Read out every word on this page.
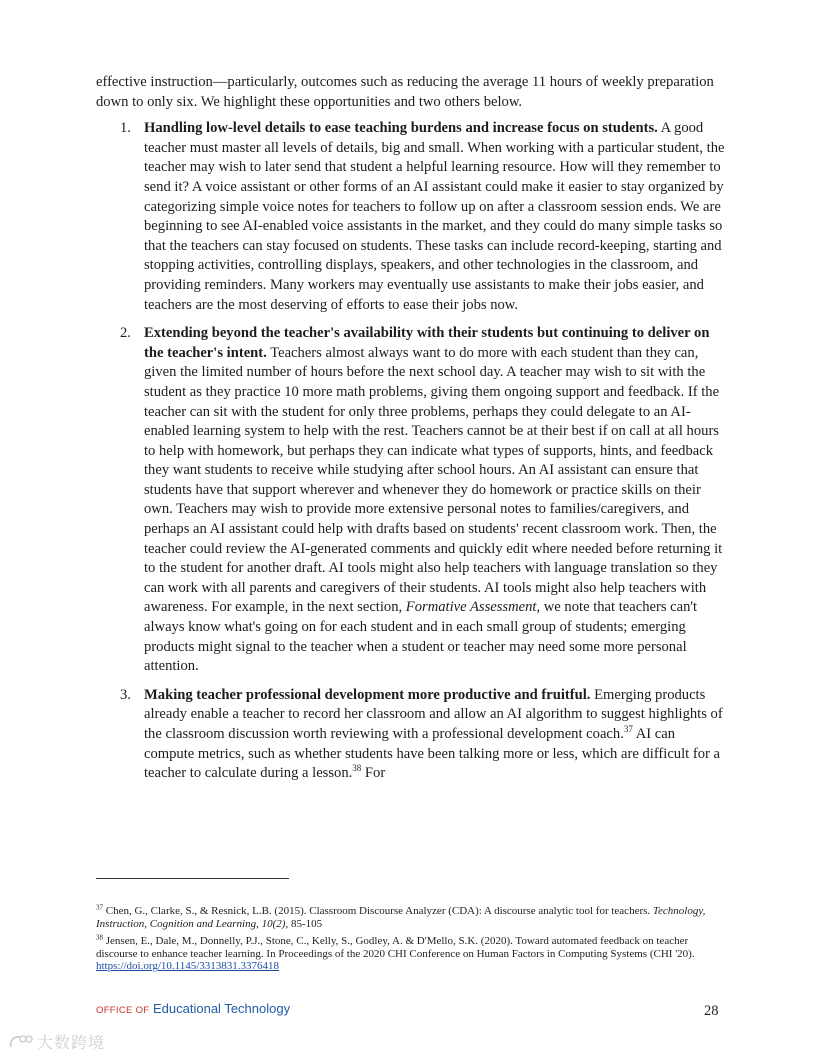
effective instruction—particularly, outcomes such as reducing the average 11 hours of weekly preparation down to only six. We highlight these opportunities and two others below.

1. Handling low-level details to ease teaching burdens and increase focus on students. A good teacher must master all levels of details, big and small. When working with a particular student, the teacher may wish to later send that student a helpful learning resource. How will they remember to send it? A voice assistant or other forms of an AI assistant could make it easier to stay organized by categorizing simple voice notes for teachers to follow up on after a classroom session ends. We are beginning to see AI-enabled voice assistants in the market, and they could do many simple tasks so that the teachers can stay focused on students. These tasks can include record-keeping, starting and stopping activities, controlling displays, speakers, and other technologies in the classroom, and providing reminders. Many workers may eventually use assistants to make their jobs easier, and teachers are the most deserving of efforts to ease their jobs now.
2. Extending beyond the teacher's availability with their students but continuing to deliver on the teacher's intent. Teachers almost always want to do more with each student than they can, given the limited number of hours before the next school day. A teacher may wish to sit with the student as they practice 10 more math problems, giving them ongoing support and feedback. If the teacher can sit with the student for only three problems, perhaps they could delegate to an AI-enabled learning system to help with the rest. Teachers cannot be at their best if on call at all hours to help with homework, but perhaps they can indicate what types of supports, hints, and feedback they want students to receive while studying after school hours. An AI assistant can ensure that students have that support wherever and whenever they do homework or practice skills on their own. Teachers may wish to provide more extensive personal notes to families/caregivers, and perhaps an AI assistant could help with drafts based on students' recent classroom work. Then, the teacher could review the AI-generated comments and quickly edit where needed before returning it to the student for another draft. AI tools might also help teachers with language translation so they can work with all parents and caregivers of their students. AI tools might also help teachers with awareness. For example, in the next section, Formative Assessment, we note that teachers can't always know what's going on for each student and in each small group of students; emerging products might signal to the teacher when a student or teacher may need some more personal attention.
3. Making teacher professional development more productive and fruitful. Emerging products already enable a teacher to record her classroom and allow an AI algorithm to suggest highlights of the classroom discussion worth reviewing with a professional development coach.$^{37}$ AI can compute metrics, such as whether students have been talking more or less, which are difficult for a teacher to calculate during a lesson.$^{38}$ For

$^{37}$ Chen, G., Clarke, S., & Resnick, L.B. (2015). Classroom Discourse Analyzer (CDA): A discourse analytic tool for teachers. Technology, Instruction, Cognition and Learning, 10(2), 85-105

$^{38}$ Jensen, E., Dale, M., Donnelly, P.J., Stone, C., Kelly, S., Godley, A. & D'Mello, S.K. (2020). Toward automated feedback on teacher discourse to enhance teacher learning. In Proceedings of the 2020 CHI Conference on Human Factors in Computing Systems (CHI '20). https://doi.org/10.1145/3313831.3376418

OFFICE OF Educational Technology	28
大数跨境
